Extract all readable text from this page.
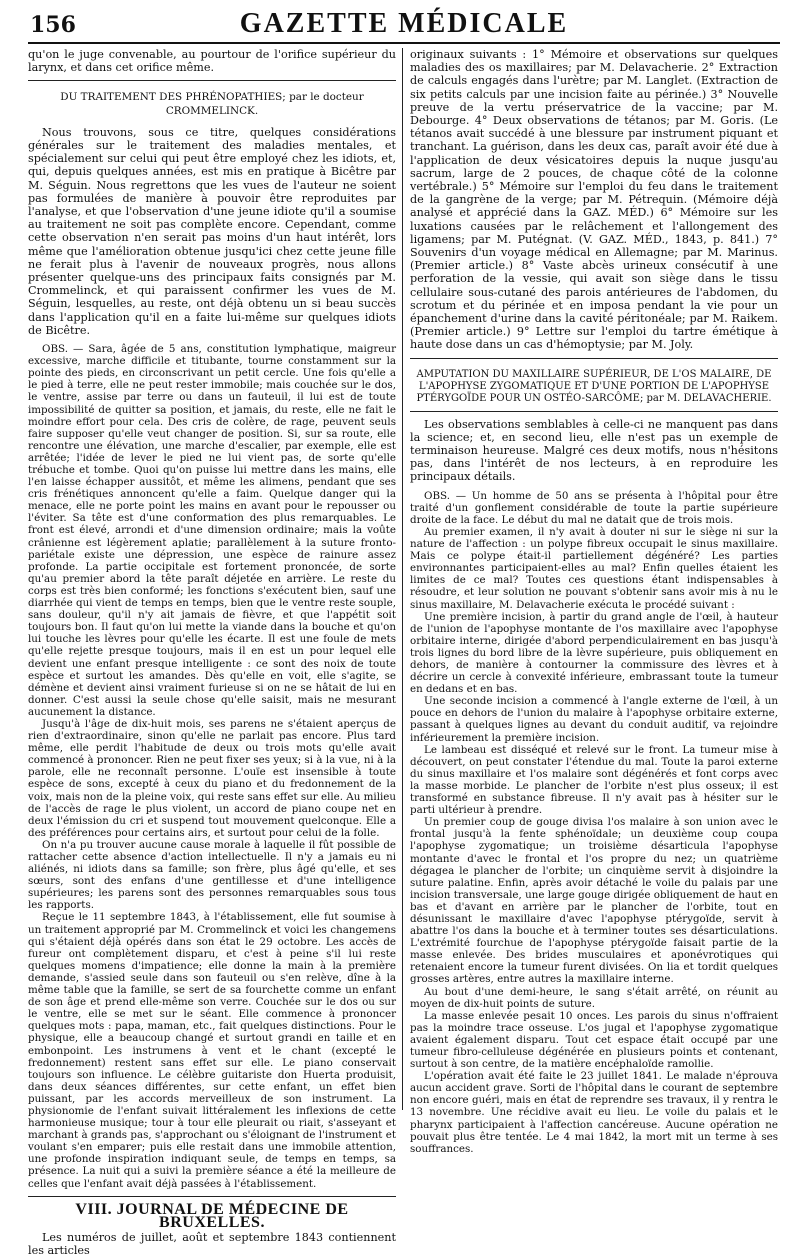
156	GAZETTE MÉDICALE

qu'on le juge convenable, au pourtour de l'orifice supérieur du larynx, et dans cet orifice même.

DU TRAITEMENT DES PHRÉNOPATHIES; par le docteur CROMMELINCK.

Nous trouvons, sous ce titre, quelques considérations générales sur le traitement des maladies mentales, et spécialement sur celui qui peut être employé chez les idiots, et, qui, depuis quelques années, est mis en pratique à Bicêtre par M. Séguin. Nous regrettons que les vues de l'auteur ne soient pas formulées de manière à pouvoir être reproduites par l'analyse, et que l'observation d'une jeune idiote qu'il a soumise au traitement ne soit pas complète encore. Cependant, comme cette observation n'en serait pas moins d'un haut intérêt, lors même que l'amélioration obtenue jusqu'ici chez cette jeune fille ne ferait plus à l'avenir de nouveaux progrès, nous allons présenter quelque-uns des principaux faits consignés par M. Crommelinck, et qui paraissent confirmer les vues de M. Séguin, lesquelles, au reste, ont déjà obtenu un si beau succès dans l'application qu'il en a faite lui-même sur quelques idiots de Bicêtre.

OBS. — Sara, âgée de 5 ans, constitution lymphatique, maigreur excessive, marche difficile et titubante, tourne constamment sur la pointe des pieds, en circonscrivant un petit cercle. Une fois qu'elle a le pied à terre, elle ne peut rester immobile; mais couchée sur le dos, le ventre, assise par terre ou dans un fauteuil, il lui est de toute impossibilité de quitter sa position, et jamais, du reste, elle ne fait le moindre effort pour cela. Des cris de colère, de rage, peuvent seuls faire supposer qu'elle veut changer de position. Si, sur sa route, elle rencontre une élévation, une marche d'escalier, par exemple, elle est arrêtée; l'idée de lever le pied ne lui vient pas, de sorte qu'elle trébuche et tombe. Quoi qu'on puisse lui mettre dans les mains, elle l'en laisse échapper aussitôt, et même les alimens, pendant que ses cris frénétiques annoncent qu'elle a faim. Quelque danger qui la menace, elle ne porte point les mains en avant pour le repousser ou l'éviter. Sa tête est d'une conformation des plus remarquables. Le front est élevé, arrondi et d'une dimension ordinaire; mais la voûte crânienne est légèrement aplatie; parallèlement à la suture fronto-pariétale existe une dépression, une espèce de rainure assez profonde. La partie occipitale est fortement prononcée, de sorte qu'au premier abord la tête paraît déjetée en arrière. Le reste du corps est très bien conformé; les fonctions s'exécutent bien, sauf une diarrhée qui vient de temps en temps, bien que le ventre reste souple, sans douleur, qu'il n'y ait jamais de fièvre, et que l'appétit soit toujours bon. Il faut qu'on lui mette la viande dans la bouche et qu'on lui touche les lèvres pour qu'elle les écarte. Il est une foule de mets qu'elle rejette presque toujours, mais il en est un pour lequel elle devient une enfant presque intelligente : ce sont des noix de toute espèce et surtout les amandes. Dès qu'elle en voit, elle s'agite, se démène et devient ainsi vraiment furieuse si on ne se hâtait de lui en donner. C'est aussi la seule chose qu'elle saisit, mais ne mesurant aucunement la distance.

Jusqu'à l'âge de dix-huit mois, ses parens ne s'étaient aperçus de rien d'extraordinaire, sinon qu'elle ne parlait pas encore. Plus tard même, elle perdit l'habitude de deux ou trois mots qu'elle avait commencé à prononcer. Rien ne peut fixer ses yeux; si à la vue, ni à la parole, elle ne reconnaît personne. L'ouïe est insensible à toute espèce de sons, excepté à ceux du piano et du fredonnement de la voix, mais non de la pleine voix, qui reste sans effet sur elle. Au milieu de l'accès de rage le plus violent, un accord de piano coupe net en deux l'émission du cri et suspend tout mouvement quelconque. Elle a des préférences pour certains airs, et surtout pour celui de la folle.

On n'a pu trouver aucune cause morale à laquelle il fût possible de rattacher cette absence d'action intellectuelle. Il n'y a jamais eu ni aliénés, ni idiots dans sa famille; son frère, plus âgé qu'elle, et ses sœurs, sont des enfans d'une gentillesse et d'une intelligence supérieures; les parens sont des personnes remarquables sous tous les rapports.

Reçue le 11 septembre 1843, à l'établissement, elle fut soumise à un traitement approprié par M. Crommelinck et voici les changemens qui s'étaient déjà opérés dans son état le 29 octobre. Les accès de fureur ont complètement disparu, et c'est à peine s'il lui reste quelques momens d'impatience; elle donne la main à la première demande, s'assied seule dans son fauteuil ou s'en relève, dîne à la même table que la famille, se sert de sa fourchette comme un enfant de son âge et prend elle-même son verre. Couchée sur le dos ou sur le ventre, elle se met sur le séant. Elle commence à prononcer quelques mots : papa, maman, etc., fait quelques distinctions. Pour le physique, elle a beaucoup changé et surtout grandi en taille et en embonpoint. Les instrumens à vent et le chant (excepté le fredonnement) restent sans effet sur elle. Le piano conservait toujours son influence. Le célèbre guitariste don Huerta produisit, dans deux séances différentes, sur cette enfant, un effet bien puissant, par les accords merveilleux de son instrument. La physionomie de l'enfant suivait littéralement les inflexions de cette harmonieuse musique; tour à tour elle pleurait ou riait, s'asseyant et marchant à grands pas, s'approchant ou s'éloignant de l'instrument et voulant s'en emparer; puis elle restait dans une immobile attention, une profonde inspiration indiquant seule, de temps en temps, sa présence. La nuit qui a suivi la première séance a été la meilleure de celles que l'enfant avait déjà passées à l'établissement.

VIII. JOURNAL DE MÉDECINE DE BRUXELLES.

Les numéros de juillet, août et septembre 1843 contiennent les articles

originaux suivants : 1° Mémoire et observations sur quelques maladies des os maxillaires; par M. Delavacherie. 2° Extraction de calculs engagés dans l'urètre; par M. Langlet. (Extraction de six petits calculs par une incision faite au périnée.) 3° Nouvelle preuve de la vertu préservatrice de la vaccine; par M. Debourge. 4° Deux observations de tétanos; par M. Goris. (Le tétanos avait succédé à une blessure par instrument piquant et tranchant. La guérison, dans les deux cas, paraît avoir été due à l'application de deux vésicatoires depuis la nuque jusqu'au sacrum, large de 2 pouces, de chaque côté de la colonne vertébrale.) 5° Mémoire sur l'emploi du feu dans le traitement de la gangrène de la verge; par M. Pétrequin. (Mémoire déjà analysé et apprécié dans la GAZ. MÉD.) 6° Mémoire sur les luxations causées par le relâchement et l'allongement des ligamens; par M. Putégnat. (V. GAZ. MÉD., 1843, p. 841.) 7° Souvenirs d'un voyage médical en Allemagne; par M. Marinus. (Premier article.) 8° Vaste abcès urineux consécutif à une perforation de la vessie, qui avait son siège dans le tissu cellulaire sous-cutané des parois antérieures de l'abdomen, du scrotum et du périnée et en imposa pendant la vie pour un épanchement d'urine dans la cavité péritonéale; par M. Raikem. (Premier article.) 9° Lettre sur l'emploi du tartre émétique à haute dose dans un cas d'hémoptysie; par M. Joly.

AMPUTATION DU MAXILLAIRE SUPÉRIEUR, DE L'OS MALAIRE, DE L'APOPHYSE ZYGOMATIQUE ET D'UNE PORTION DE L'APOPHYSE PTÉRYGOÏDE POUR UN OSTÉO-SARCÔME; par M. DELAVACHERIE.

Les observations semblables à celle-ci ne manquent pas dans la science; et, en second lieu, elle n'est pas un exemple de terminaison heureuse. Malgré ces deux motifs, nous n'hésitons pas, dans l'intérêt de nos lecteurs, à en reproduire les principaux détails.

OBS. — Un homme de 50 ans se présenta à l'hôpital pour être traité d'un gonflement considérable de toute la partie supérieure droite de la face. Le début du mal ne datait que de trois mois.

Au premier examen, il n'y avait à douter ni sur le siège ni sur la nature de l'affection : un polype fibreux occupait le sinus maxillaire. Mais ce polype était-il partiellement dégénéré? Les parties environnantes participaient-elles au mal? Enfin quelles étaient les limites de ce mal? Toutes ces questions étant indispensables à résoudre, et leur solution ne pouvant s'obtenir sans avoir mis à nu le sinus maxillaire, M. Delavacherie exécuta le procédé suivant :

Une première incision, à partir du grand angle de l'œil, à hauteur de l'union de l'apophyse montante de l'os maxillaire avec l'apophyse orbitaire interne, dirigée d'abord perpendiculairement en bas jusqu'à trois lignes du bord libre de la lèvre supérieure, puis obliquement en dehors, de manière à contourner la commissure des lèvres et à décrire un cercle à convexité inférieure, embrassant toute la tumeur en dedans et en bas.

Une seconde incision a commencé à l'angle externe de l'œil, à un pouce en dehors de l'union du malaire à l'apophyse orbitaire externe, passant à quelques lignes au devant du conduit auditif, va rejoindre inférieurement la première incision.

Le lambeau est disséqué et relevé sur le front. La tumeur mise à découvert, on peut constater l'étendue du mal. Toute la paroi externe du sinus maxillaire et l'os malaire sont dégénérés et font corps avec la masse morbide. Le plancher de l'orbite n'est plus osseux; il est transformé en substance fibreuse. Il n'y avait pas à hésiter sur le parti ultérieur à prendre.

Un premier coup de gouge divisa l'os malaire à son union avec le frontal jusqu'à la fente sphénoïdale; un deuxième coup coupa l'apophyse zygomatique; un troisième désarticula l'apophyse montante d'avec le frontal et l'os propre du nez; un quatrième dégagea le plancher de l'orbite; un cinquième servit à disjoindre la suture palatine. Enfin, après avoir détaché le voile du palais par une incision transversale, une large gouge dirigée obliquement de haut en bas et d'avant en arrière par le plancher de l'orbite, tout en désunissant le maxillaire d'avec l'apophyse ptérygoïde, servit à abattre l'os dans la bouche et à terminer toutes ses désarticulations. L'extrémité fourchue de l'apophyse ptérygoïde faisait partie de la masse enlevée. Des brides musculaires et aponévrotiques qui retenaient encore la tumeur furent divisées. On lia et tordit quelques grosses artères, entre autres la maxillaire interne.

Au bout d'une demi-heure, le sang s'était arrêté, on réunit au moyen de dix-huit points de suture.

La masse enlevée pesait 10 onces. Les parois du sinus n'offraient pas la moindre trace osseuse. L'os jugal et l'apophyse zygomatique avaient également disparu. Tout cet espace était occupé par une tumeur fibro-celluleuse dégénérée en plusieurs points et contenant, surtout à son centre, de la matière encéphaloïde ramollie.

L'opération avait été faite le 23 juillet 1841. Le malade n'éprouva aucun accident grave. Sorti de l'hôpital dans le courant de septembre non encore guéri, mais en état de reprendre ses travaux, il y rentra le 13 novembre. Une récidive avait eu lieu. Le voile du palais et le pharynx participaient à l'affection cancéreuse. Aucune opération ne pouvait plus être tentée. Le 4 mai 1842, la mort mit un terme à ses souffrances.
